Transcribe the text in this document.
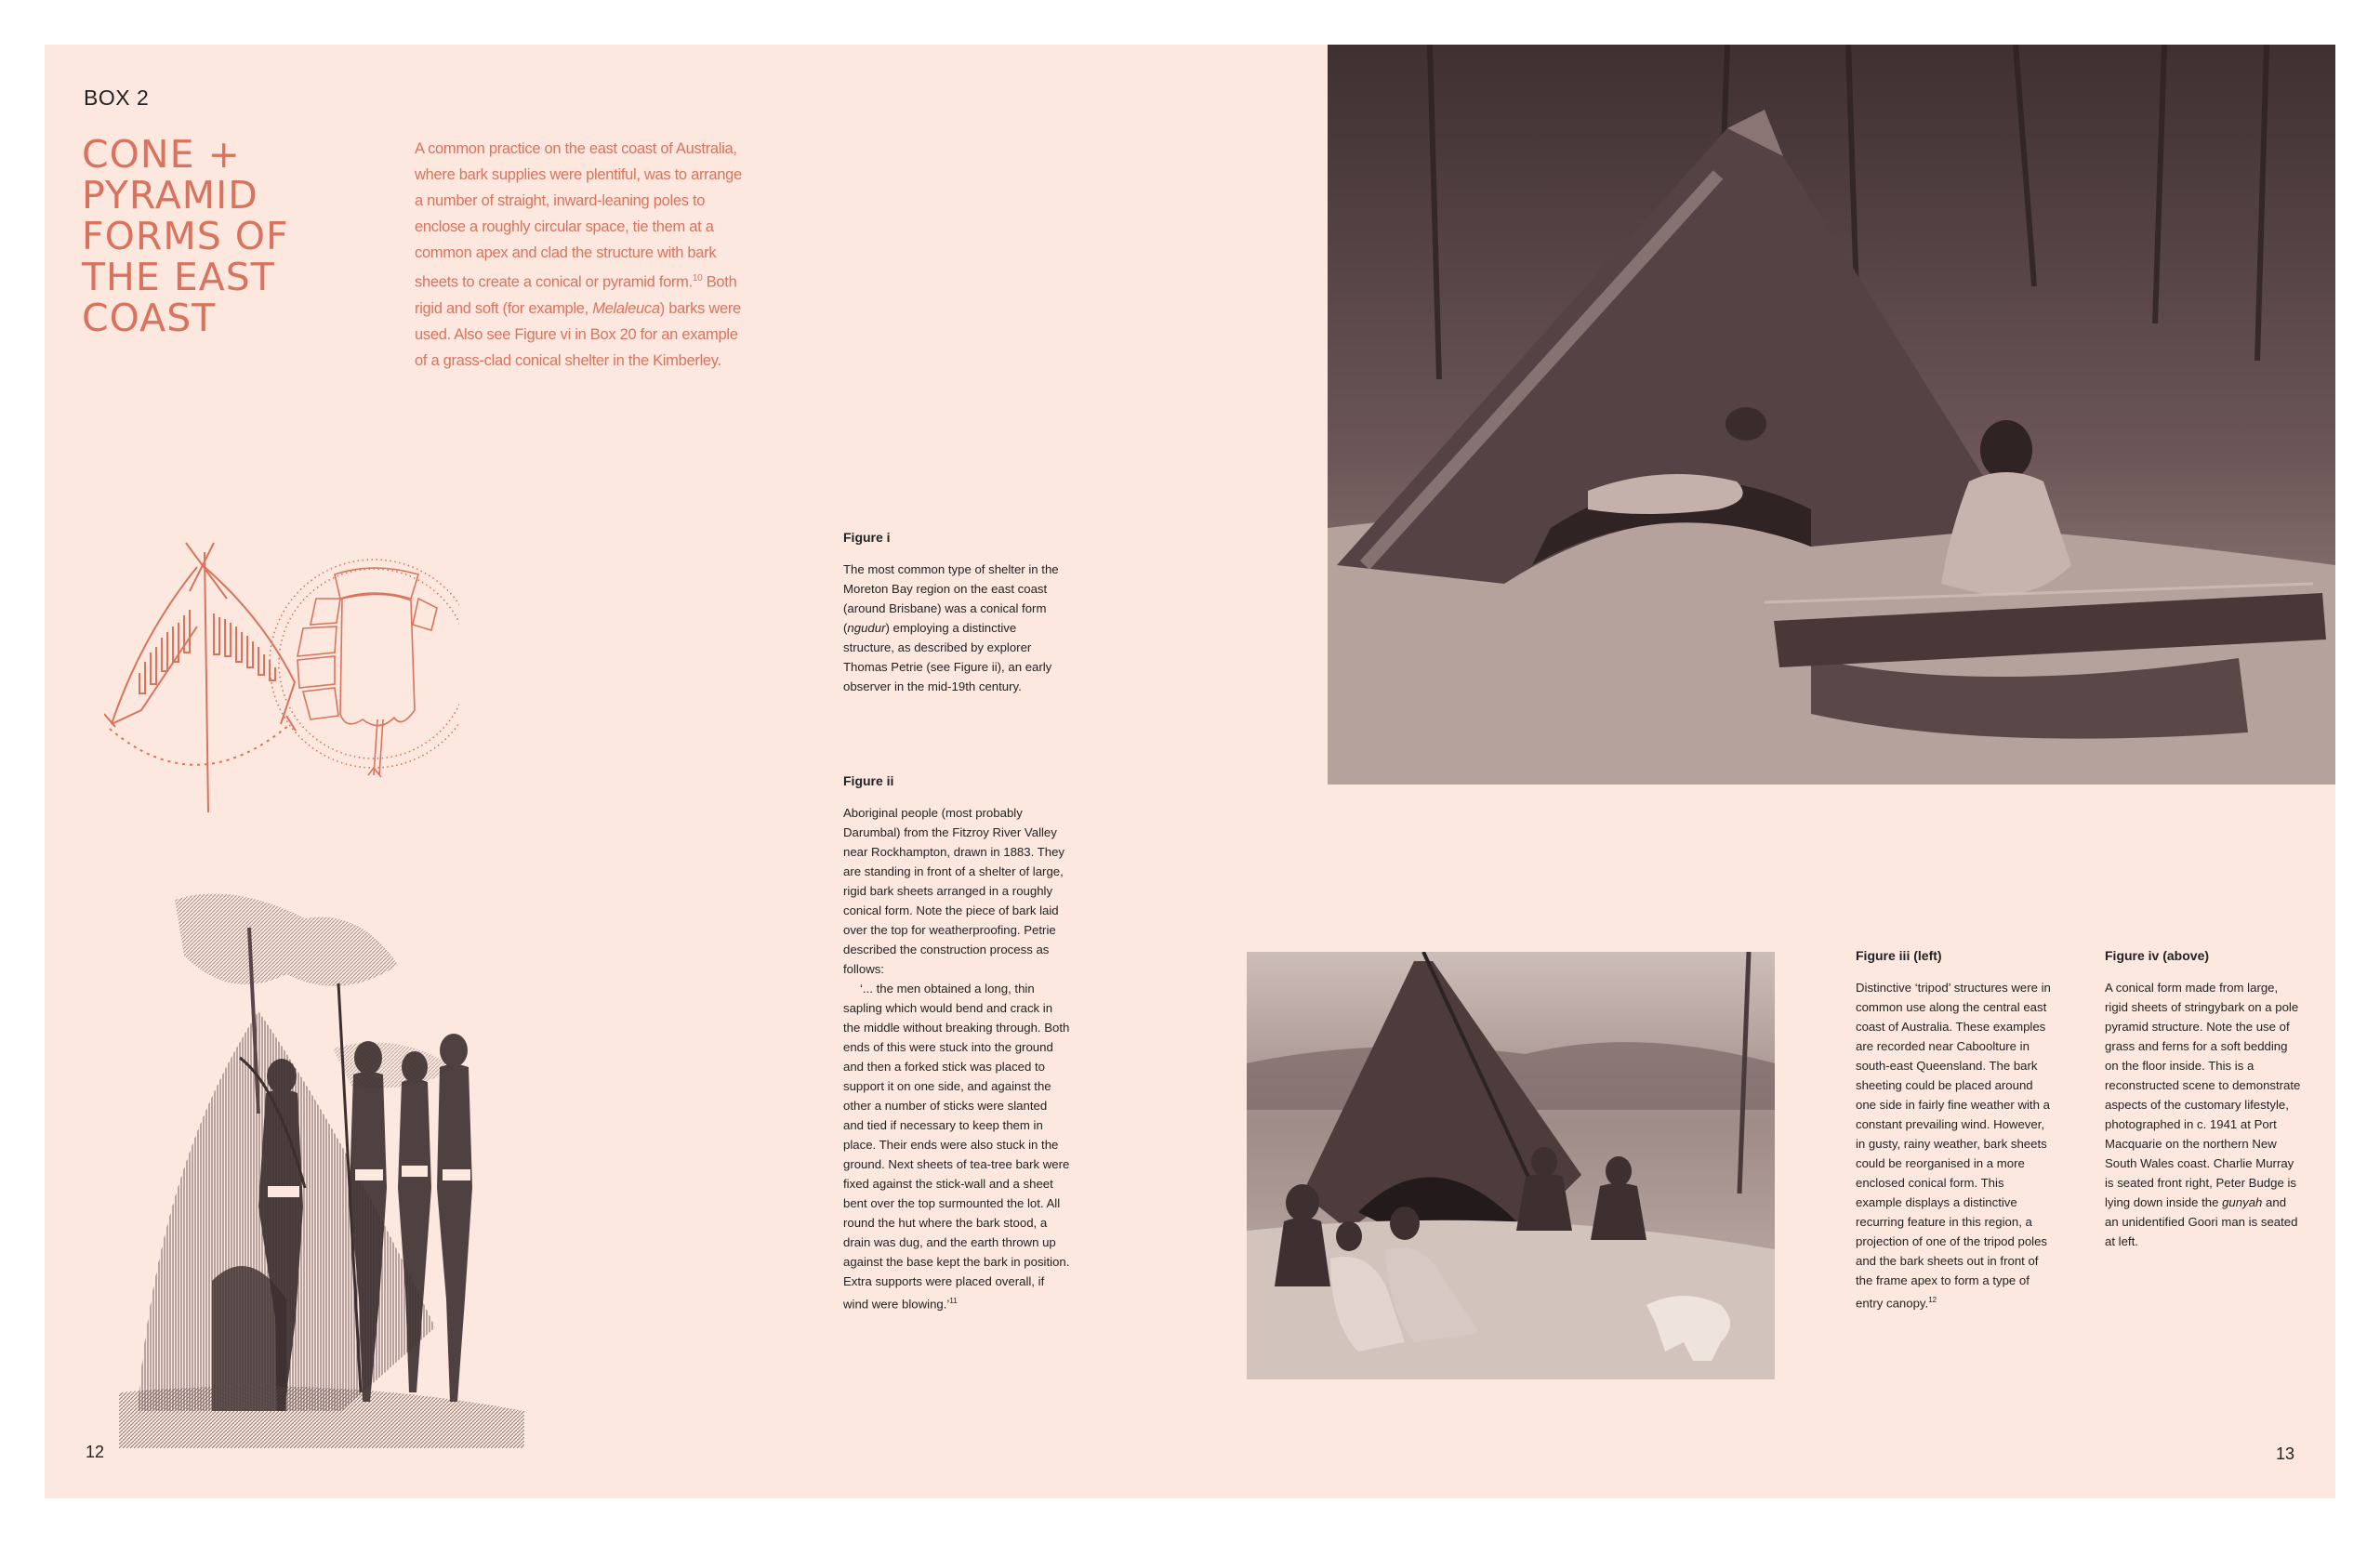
BOX 2
CONE +
PYRAMID
FORMS OF
THE EAST
COAST

A common practice on the east coast of Australia, where bark supplies were plentiful, was to arrange a number of straight, inward-leaning poles to enclose a roughly circular space, tie them at a common apex and clad the structure with bark sheets to create a conical or pyramid form.$^{10}$ Both rigid and soft (for example, Melaleuca) barks were used. Also see Figure vi in Box 20 for an example of a grass-clad conical shelter in the Kimberley.

Figure i

The most common type of shelter in the Moreton Bay region on the east coast (around Brisbane) was a conical form (ngudur) employing a distinctive structure, as described by explorer Thomas Petrie (see Figure ii), an early observer in the mid-19th century.

Figure ii

Aboriginal people (most probably Darumbal) from the Fitzroy River Valley near Rockhampton, drawn in 1883. They are standing in front of a shelter of large, rigid bark sheets arranged in a roughly conical form. Note the piece of bark laid over the top for weatherproofing. Petrie described the construction process as follows:

‘... the men obtained a long, thin sapling which would bend and crack in the middle without breaking through. Both ends of this were stuck into the ground and then a forked stick was placed to support it on one side, and against the other a number of sticks were slanted and tied if necessary to keep them in place. Their ends were also stuck in the ground. Next sheets of tea-tree bark were fixed against the stick-wall and a sheet bent over the top surmounted the lot. All round the hut where the bark stood, a drain was dug, and the earth thrown up against the base kept the bark in position. Extra supports were placed overall, if wind were blowing.’$^{11}$

12

Figure iii (left)

Distinctive ‘tripod’ structures were in common use along the central east coast of Australia. These examples are recorded near Caboolture in south-east Queensland. The bark sheeting could be placed around one side in fairly fine weather with a constant prevailing wind. However, in gusty, rainy weather, bark sheets could be reorganised in a more enclosed conical form. This example displays a distinctive recurring feature in this region, a projection of one of the tripod poles and the bark sheets out in front of the frame apex to form a type of entry canopy.$^{12}$

Figure iv (above)

A conical form made from large, rigid sheets of stringybark on a pole pyramid structure. Note the use of grass and ferns for a soft bedding on the floor inside. This is a reconstructed scene to demonstrate aspects of the customary lifestyle, photographed in c. 1941 at Port Macquarie on the northern New South Wales coast. Charlie Murray is seated front right, Peter Budge is lying down inside the gunyah and an unidentified Goori man is seated at left.

13
